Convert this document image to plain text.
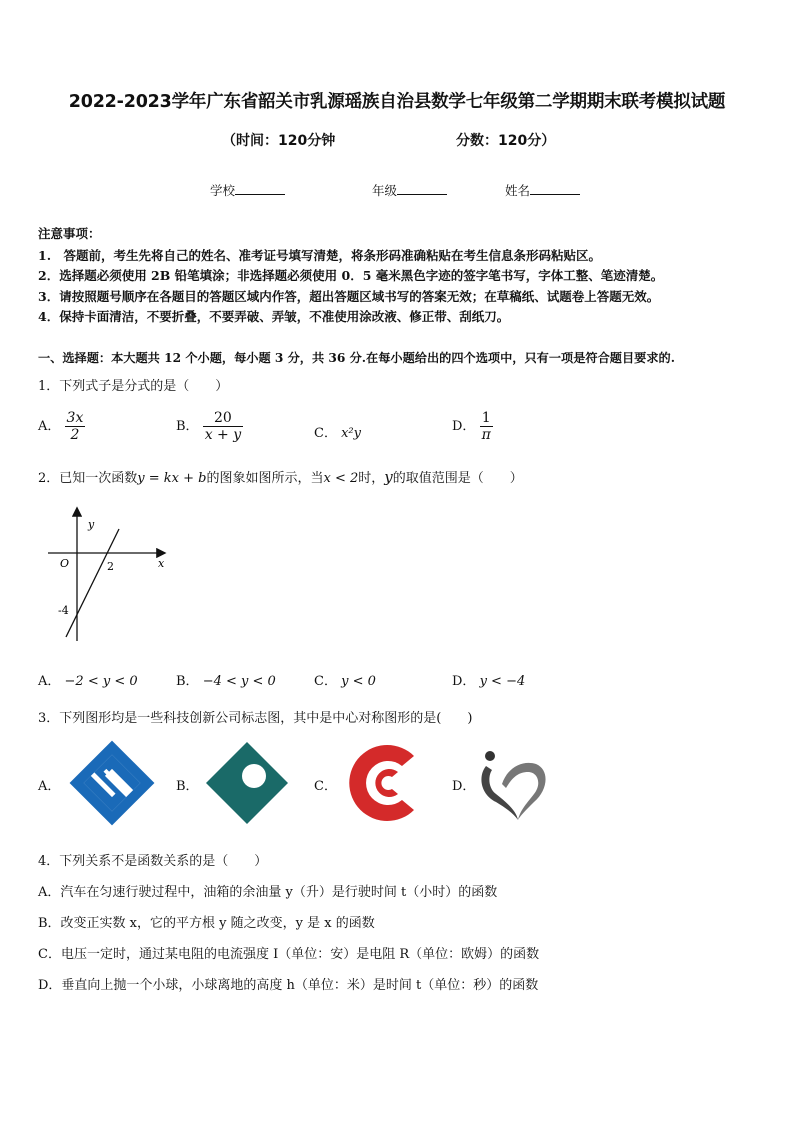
2022-2023学年广东省韶关市乳源瑶族自治县数学七年级第二学期期末联考模拟试题
（时间：120分钟	分数：120分）
学校	年级	姓名
注意事项：
1.　答题前，考生先将自己的姓名、准考证号填写清楚，将条形码准确粘贴在考生信息条形码粘贴区。
2．选择题必须使用 2B 铅笔填涂；非选择题必须使用 0．5 毫米黑色字迹的签字笔书写，字体工整、笔迹清楚。
3．请按照题号顺序在各题目的答题区域内作答，超出答题区域书写的答案无效；在草稿纸、试题卷上答题无效。
4．保持卡面清洁，不要折叠，不要弄破、弄皱，不准使用涂改液、修正带、刮纸刀。
一、选择题：本大题共 12 个小题，每小题 3 分，共 36 分.在每小题给出的四个选项中，只有一项是符合题目要求的.
1．下列式子是分式的是（　　）
A． $\frac{3x}{2}$	B． $\frac{20}{x + y}$	C． x²y	D． $\frac{1}{\pi}$
2．已知一次函数y = kx + b的图象如图所示，当x < 2时，y的取值范围是（　　）
y
x
O	2
-4
A． −2 < y < 0	B． −4 < y < 0	C． y < 0	D． y < −4
3．下列图形均是一些科技创新公司标志图，其中是中心对称图形的是(　　)
A．	B．	C．	D．
4．下列关系不是函数关系的是（　　）
A．汽车在匀速行驶过程中，油箱的余油量 y（升）是行驶时间 t（小时）的函数
B．改变正实数 x，它的平方根 y 随之改变，y 是 x 的函数
C．电压一定时，通过某电阻的电流强度 I（单位：安）是电阻 R（单位：欧姆）的函数
D．垂直向上抛一个小球，小球离地的高度 h（单位：米）是时间 t（单位：秒）的函数
